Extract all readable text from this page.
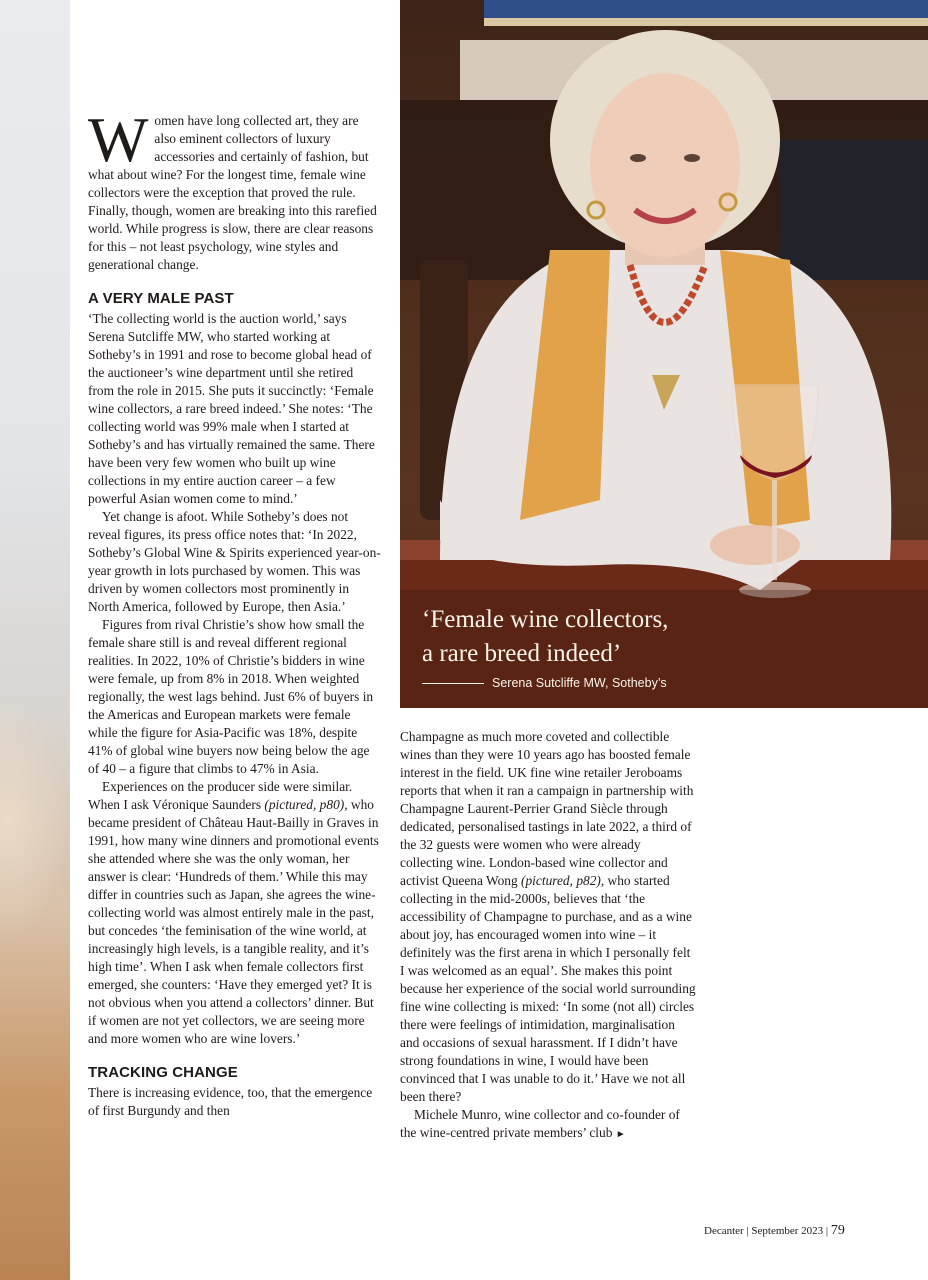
‘Female wine collectors,
a rare breed indeed’
Serena Sutcliffe MW, Sotheby’s

Women have long collected art, they are also eminent collectors of luxury accessories and certainly of fashion, but what about wine? For the longest time, female wine collectors were the exception that proved the rule. Finally, though, women are breaking into this rarefied world. While progress is slow, there are clear reasons for this – not least psychology, wine styles and generational change.

A VERY MALE PAST

‘The collecting world is the auction world,’ says Serena Sutcliffe MW, who started working at Sotheby’s in 1991 and rose to become global head of the auctioneer’s wine department until she retired from the role in 2015. She puts it succinctly: ‘Female wine collectors, a rare breed indeed.’ She notes: ‘The collecting world was 99% male when I started at Sotheby’s and has virtually remained the same. There have been very few women who built up wine collections in my entire auction career – a few powerful Asian women come to mind.’

Yet change is afoot. While Sotheby’s does not reveal figures, its press office notes that: ‘In 2022, Sotheby’s Global Wine & Spirits experienced year-on-year growth in lots purchased by women. This was driven by women collectors most prominently in North America, followed by Europe, then Asia.’

Figures from rival Christie’s show how small the female share still is and reveal different regional realities. In 2022, 10% of Christie’s bidders in wine were female, up from 8% in 2018. When weighted regionally, the west lags behind. Just 6% of buyers in the Americas and European markets were female while the figure for Asia-Pacific was 18%, despite 41% of global wine buyers now being below the age of 40 – a figure that climbs to 47% in Asia.

Experiences on the producer side were similar. When I ask Véronique Saunders (pictured, p80), who became president of Château Haut-Bailly in Graves in 1991, how many wine dinners and promotional events she attended where she was the only woman, her answer is clear: ‘Hundreds of them.’ While this may differ in countries such as Japan, she agrees the wine-collecting world was almost entirely male in the past, but concedes ‘the feminisation of the wine world, at increasingly high levels, is a tangible reality, and it’s high time’. When I ask when female collectors first emerged, she counters: ‘Have they emerged yet? It is not obvious when you attend a collectors’ dinner. But if women are not yet collectors, we are seeing more and more women who are wine lovers.’

TRACKING CHANGE

There is increasing evidence, too, that the emergence of first Burgundy and then

Champagne as much more coveted and collectible wines than they were 10 years ago has boosted female interest in the field. UK fine wine retailer Jeroboams reports that when it ran a campaign in partnership with Champagne Laurent-Perrier Grand Siècle through dedicated, personalised tastings in late 2022, a third of the 32 guests were women who were already collecting wine. London-based wine collector and activist Queena Wong (pictured, p82), who started collecting in the mid-2000s, believes that ‘the accessibility of Champagne to purchase, and as a wine about joy, has encouraged women into wine – it definitely was the first arena in which I personally felt I was welcomed as an equal’. She makes this point because her experience of the social world surrounding fine wine collecting is mixed: ‘In some (not all) circles there were feelings of intimidation, marginalisation and occasions of sexual harassment. If I didn’t have strong foundations in wine, I would have been convinced that I was unable to do it.’ Have we not all been there?

Michele Munro, wine collector and co-founder of the wine-centred private members’ club ►

Decanter | September 2023 | 79
